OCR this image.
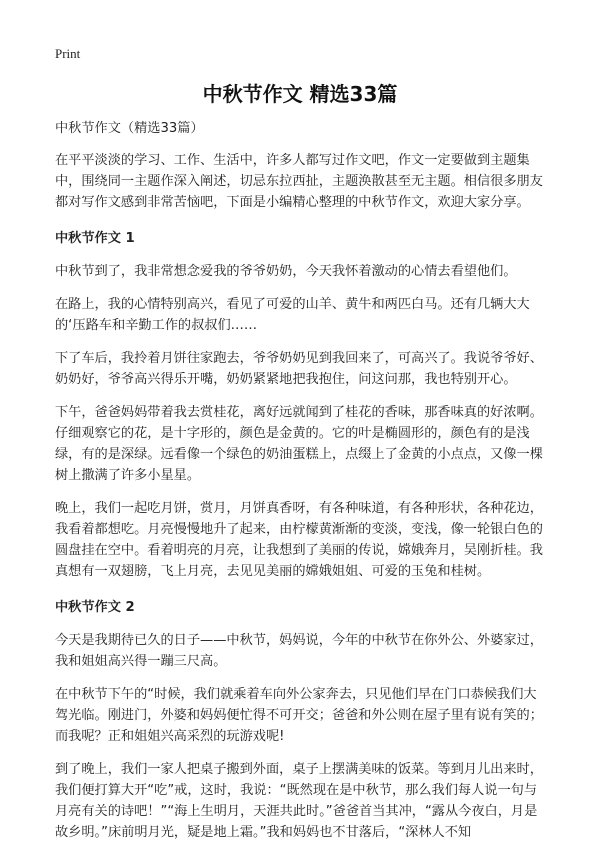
Print
中秋节作文 精选33篇

中秋节作文（精选33篇）

在平平淡淡的学习、工作、生活中，许多人都写过作文吧，作文一定要做到主题集中，围绕同一主题作深入阐述，切忌东拉西扯，主题涣散甚至无主题。相信很多朋友都对写作文感到非常苦恼吧，下面是小编精心整理的中秋节作文，欢迎大家分享。

中秋节作文 1

中秋节到了，我非常想念爱我的爷爷奶奶，今天我怀着激动的心情去看望他们。

在路上，我的心情特别高兴，看见了可爱的山羊、黄牛和两匹白马。还有几辆大大的‘压路车和辛勤工作的叔叔们……

下了车后，我拎着月饼往家跑去，爷爷奶奶见到我回来了，可高兴了。我说爷爷好、奶奶好，爷爷高兴得乐开嘴，奶奶紧紧地把我抱住，问这问那，我也特别开心。

下午，爸爸妈妈带着我去赏桂花，离好远就闻到了桂花的香味，那香味真的好浓啊。仔细观察它的花，是十字形的，颜色是金黄的。它的叶是椭圆形的，颜色有的是浅绿，有的是深绿。远看像一个绿色的奶油蛋糕上，点缀上了金黄的小点点，又像一棵树上撒满了许多小星星。

晚上，我们一起吃月饼，赏月，月饼真香呀，有各种味道，有各种形状，各种花边，我看着都想吃。月亮慢慢地升了起来，由柠檬黄渐渐的变淡，变浅，像一轮银白色的圆盘挂在空中。看着明亮的月亮，让我想到了美丽的传说，嫦娥奔月，吴刚折桂。我真想有一双翅膀，飞上月亮，去见见美丽的嫦娥姐姐、可爱的玉兔和桂树。

中秋节作文 2

今天是我期待已久的日子——中秋节，妈妈说，今年的中秋节在你外公、外婆家过，我和姐姐高兴得一蹦三尺高。

在中秋节下午的“时候，我们就乘着车向外公家奔去，只见他们早在门口恭候我们大驾光临。刚进门，外婆和妈妈便忙得不可开交；爸爸和外公则在屋子里有说有笑的；而我呢？正和姐姐兴高采烈的玩游戏呢!

到了晚上，我们一家人把桌子搬到外面，桌子上摆满美味的饭菜。等到月儿出来时，我们便打算大开“吃”戒，这时，我说：“既然现在是中秋节，那么我们每人说一句与月亮有关的诗吧！”“海上生明月，天涯共此时。”爸爸首当其冲，“露从今夜白，月是故乡明。”床前明月光，疑是地上霜。”我和妈妈也不甘落后，“深林人不知
